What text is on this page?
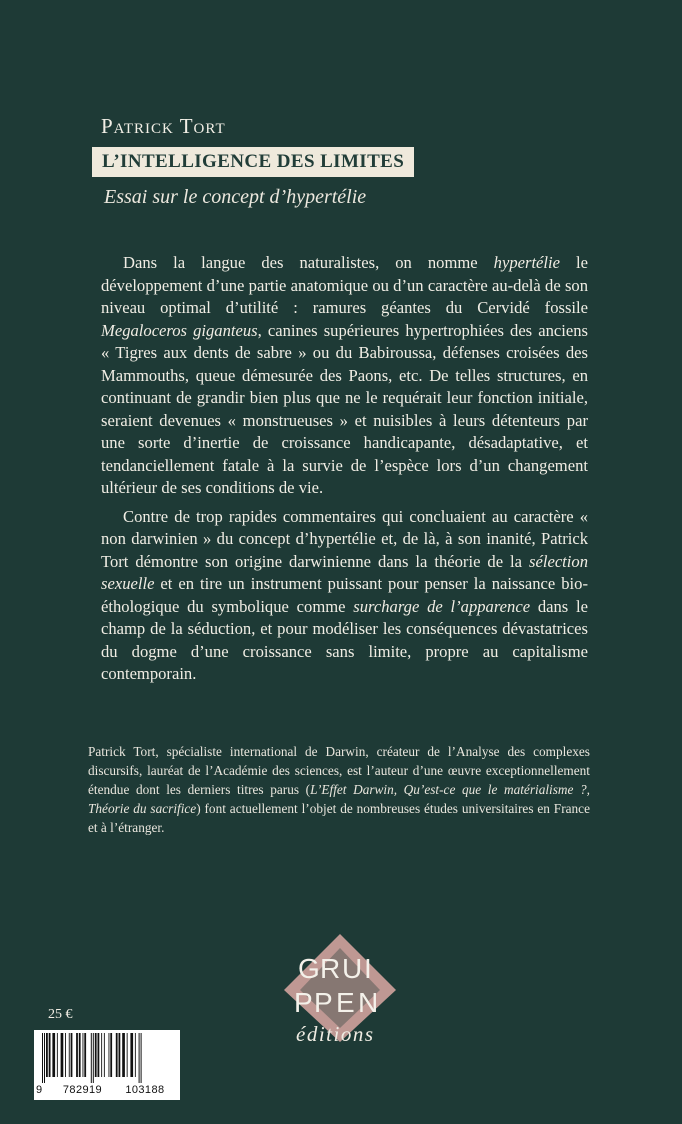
Patrick Tort
L’INTELLIGENCE DES LIMITES
Essai sur le concept d’hypertélie

Dans la langue des naturalistes, on nomme hypertélie le développement d’une partie anatomique ou d’un caractère au-delà de son niveau optimal d’utilité : ramures géantes du Cervidé fossile Megaloceros giganteus, canines supérieures hypertrophiées des anciens « Tigres aux dents de sabre » ou du Babiroussa, défenses croisées des Mammouths, queue démesurée des Paons, etc. De telles structures, en continuant de grandir bien plus que ne le requérait leur fonction initiale, seraient devenues « monstrueuses » et nuisibles à leurs détenteurs par une sorte d’inertie de croissance handicapante, désadaptative, et tendanciellement fatale à la survie de l’espèce lors d’un changement ultérieur de ses conditions de vie.

Contre de trop rapides commentaires qui concluaient au caractère « non darwinien » du concept d’hypertélie et, de là, à son inanité, Patrick Tort démontre son origine darwinienne dans la théorie de la sélection sexuelle et en tire un instrument puissant pour penser la naissance bio-éthologique du symbolique comme surcharge de l’apparence dans le champ de la séduction, et pour modéliser les conséquences dévastatrices du dogme d’une croissance sans limite, propre au capitalisme contemporain.

Patrick Tort, spécialiste international de Darwin, créateur de l’Analyse des complexes discursifs, lauréat de l’Académie des sciences, est l’auteur d’une œuvre exceptionnellement étendue dont les derniers titres parus (L’Effet Darwin, Qu’est-ce que le matérialisme ?, Théorie du sacrifice) font actuellement l’objet de nombreuses études universitaires en France et à l’étranger.

G R U I
P P E N
éditions
25 €
9 782919 103188
